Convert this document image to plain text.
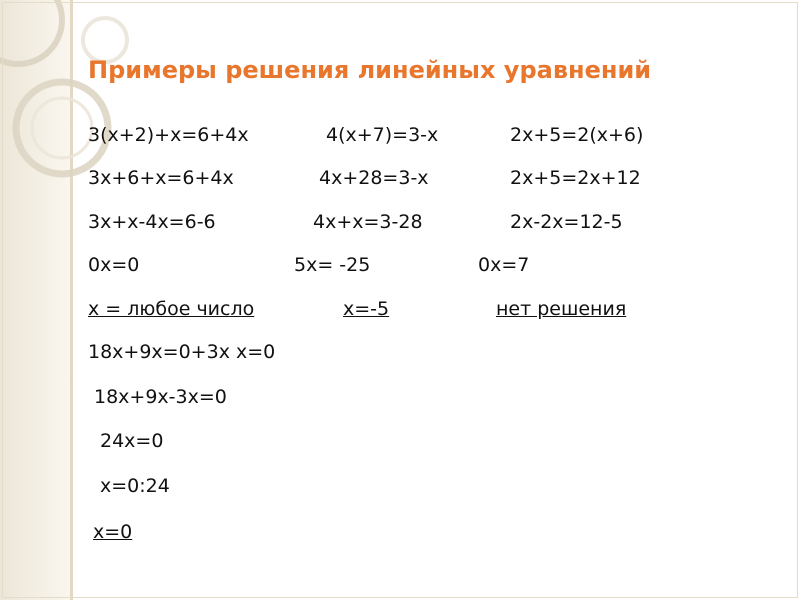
Примеры решения линейных уравнений
3(x+2)+x=6+4x	4(x+7)=3-x	2x+5=2(x+6)
3x+6+x=6+4x	4x+28=3-x	2x+5=2x+12
3x+x-4x=6-6	4x+x=3-28	2x-2x=12-5
0x=0	5x= -25	0x=7
x = любое число	x=-5	нет решения
18x+9x=0+3x x=0
18x+9x-3x=0
24x=0
x=0:24
x=0
